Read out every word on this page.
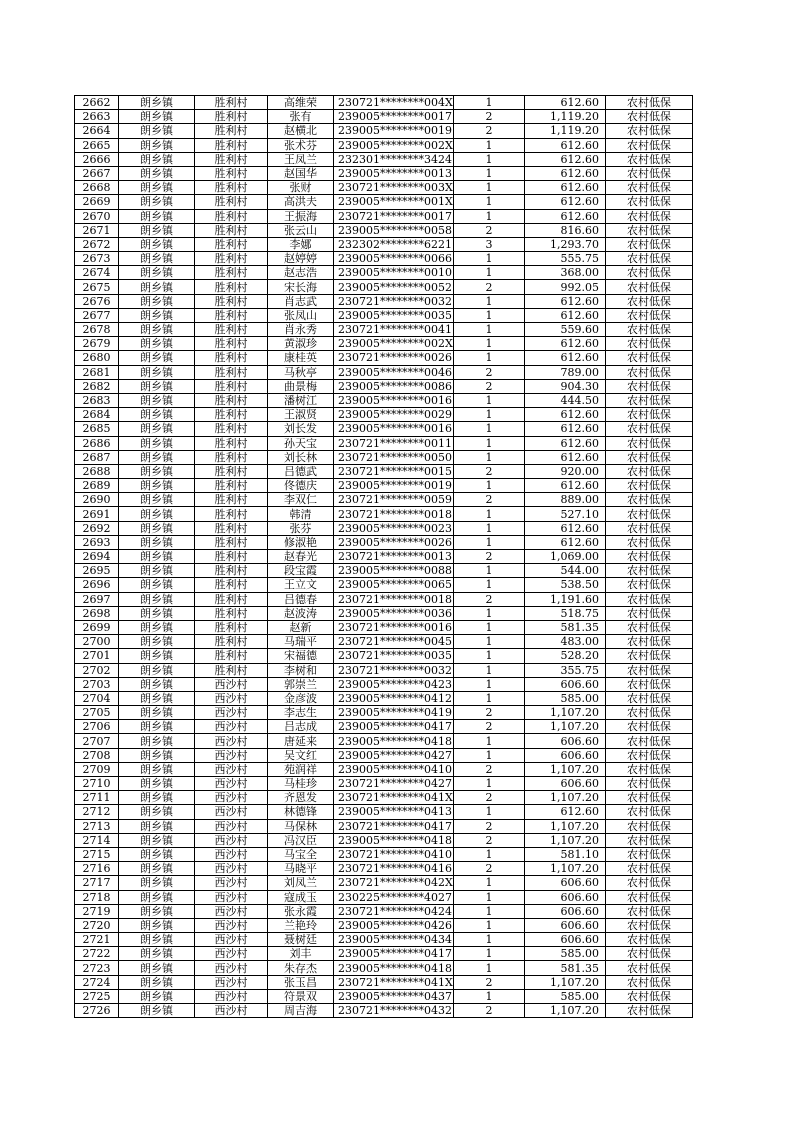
2662	朗乡镇	胜利村	高维荣	230721********004X	1	612.60	农村低保
2663	朗乡镇	胜利村	张有	239005********0017	2	1,119.20	农村低保
2664	朗乡镇	胜利村	赵横北	239005********0019	2	1,119.20	农村低保
2665	朗乡镇	胜利村	张术芬	239005********002X	1	612.60	农村低保
2666	朗乡镇	胜利村	王凤兰	232301********3424	1	612.60	农村低保
2667	朗乡镇	胜利村	赵国华	239005********0013	1	612.60	农村低保
2668	朗乡镇	胜利村	张财	230721********003X	1	612.60	农村低保
2669	朗乡镇	胜利村	高洪夫	239005********001X	1	612.60	农村低保
2670	朗乡镇	胜利村	王振海	230721********0017	1	612.60	农村低保
2671	朗乡镇	胜利村	张云山	239005********0058	2	816.60	农村低保
2672	朗乡镇	胜利村	李娜	232302********6221	3	1,293.70	农村低保
2673	朗乡镇	胜利村	赵婷婷	239005********0066	1	555.75	农村低保
2674	朗乡镇	胜利村	赵志浩	239005********0010	1	368.00	农村低保
2675	朗乡镇	胜利村	宋长海	239005********0052	2	992.05	农村低保
2676	朗乡镇	胜利村	肖志武	230721********0032	1	612.60	农村低保
2677	朗乡镇	胜利村	张凤山	239005********0035	1	612.60	农村低保
2678	朗乡镇	胜利村	肖永秀	230721********0041	1	559.60	农村低保
2679	朗乡镇	胜利村	黄淑珍	239005********002X	1	612.60	农村低保
2680	朗乡镇	胜利村	康桂英	230721********0026	1	612.60	农村低保
2681	朗乡镇	胜利村	马秋亭	239005********0046	2	789.00	农村低保
2682	朗乡镇	胜利村	曲景梅	239005********0086	2	904.30	农村低保
2683	朗乡镇	胜利村	潘树江	239005********0016	1	444.50	农村低保
2684	朗乡镇	胜利村	王淑贤	239005********0029	1	612.60	农村低保
2685	朗乡镇	胜利村	刘长发	239005********0016	1	612.60	农村低保
2686	朗乡镇	胜利村	孙天宝	230721********0011	1	612.60	农村低保
2687	朗乡镇	胜利村	刘长林	230721********0050	1	612.60	农村低保
2688	朗乡镇	胜利村	吕德武	230721********0015	2	920.00	农村低保
2689	朗乡镇	胜利村	佟德庆	239005********0019	1	612.60	农村低保
2690	朗乡镇	胜利村	李双仁	230721********0059	2	889.00	农村低保
2691	朗乡镇	胜利村	韩清	230721********0018	1	527.10	农村低保
2692	朗乡镇	胜利村	张芬	239005********0023	1	612.60	农村低保
2693	朗乡镇	胜利村	修淑艳	239005********0026	1	612.60	农村低保
2694	朗乡镇	胜利村	赵春光	230721********0013	2	1,069.00	农村低保
2695	朗乡镇	胜利村	段宝霞	239005********0088	1	544.00	农村低保
2696	朗乡镇	胜利村	王立文	239005********0065	1	538.50	农村低保
2697	朗乡镇	胜利村	吕德春	230721********0018	2	1,191.60	农村低保
2698	朗乡镇	胜利村	赵波涛	239005********0036	1	518.75	农村低保
2699	朗乡镇	胜利村	赵新	230721********0016	1	581.35	农村低保
2700	朗乡镇	胜利村	马瑞平	230721********0045	1	483.00	农村低保
2701	朗乡镇	胜利村	宋福德	230721********0035	1	528.20	农村低保
2702	朗乡镇	胜利村	李树和	230721********0032	1	355.75	农村低保
2703	朗乡镇	西沙村	郭崇兰	239005********0423	1	606.60	农村低保
2704	朗乡镇	西沙村	金彦波	239005********0412	1	585.00	农村低保
2705	朗乡镇	西沙村	李志生	239005********0419	2	1,107.20	农村低保
2706	朗乡镇	西沙村	吕志成	239005********0417	2	1,107.20	农村低保
2707	朗乡镇	西沙村	唐延来	239005********0418	1	606.60	农村低保
2708	朗乡镇	西沙村	吴文红	239005********0427	1	606.60	农村低保
2709	朗乡镇	西沙村	苑润祥	239005********0410	2	1,107.20	农村低保
2710	朗乡镇	西沙村	马桂珍	230721********0427	1	606.60	农村低保
2711	朗乡镇	西沙村	齐恩发	230721********041X	2	1,107.20	农村低保
2712	朗乡镇	西沙村	林德锋	239005********0413	1	612.60	农村低保
2713	朗乡镇	西沙村	马保林	230721********0417	2	1,107.20	农村低保
2714	朗乡镇	西沙村	冯汉臣	239005********0418	2	1,107.20	农村低保
2715	朗乡镇	西沙村	马宝全	230721********0410	1	581.10	农村低保
2716	朗乡镇	西沙村	马晓平	230721********0416	2	1,107.20	农村低保
2717	朗乡镇	西沙村	刘凤兰	230721********042X	1	606.60	农村低保
2718	朗乡镇	西沙村	寇成玉	230225********4027	1	606.60	农村低保
2719	朗乡镇	西沙村	张永霞	230721********0424	1	606.60	农村低保
2720	朗乡镇	西沙村	兰艳玲	239005********0426	1	606.60	农村低保
2721	朗乡镇	西沙村	聂树廷	239005********0434	1	606.60	农村低保
2722	朗乡镇	西沙村	刘丰	239005********0417	1	585.00	农村低保
2723	朗乡镇	西沙村	朱存杰	239005********0418	1	581.35	农村低保
2724	朗乡镇	西沙村	张玉昌	230721********041X	2	1,107.20	农村低保
2725	朗乡镇	西沙村	符景双	239005********0437	1	585.00	农村低保
2726	朗乡镇	西沙村	周吉海	230721********0432	2	1,107.20	农村低保
